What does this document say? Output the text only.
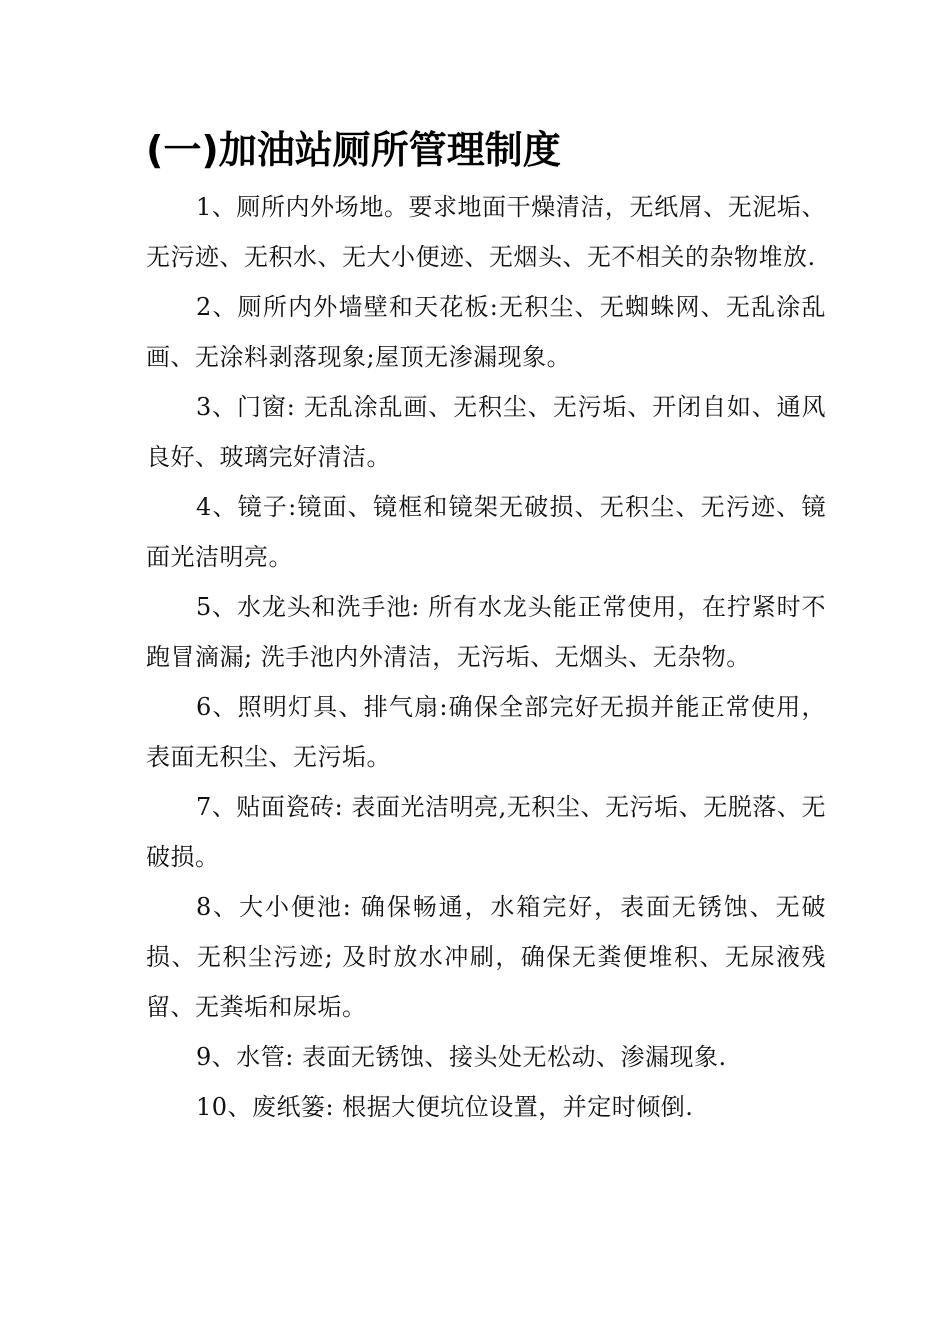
(一)加油站厕所管理制度

1、厕所内外场地。要求地面干燥清洁，无纸屑、无泥垢、无污迹、无积水、无大小便迹、无烟头、无不相关的杂物堆放.

2、厕所内外墙壁和天花板:无积尘、无蜘蛛网、无乱涂乱画、无涂料剥落现象;屋顶无渗漏现象。

3、门窗: 无乱涂乱画、无积尘、无污垢、开闭自如、通风良好、玻璃完好清洁。

4、镜子:镜面、镜框和镜架无破损、无积尘、无污迹、镜面光洁明亮。

5、水龙头和洗手池: 所有水龙头能正常使用，在拧紧时不跑冒滴漏; 洗手池内外清洁，无污垢、无烟头、无杂物。

6、照明灯具、排气扇:确保全部完好无损并能正常使用，表面无积尘、无污垢。

7、贴面瓷砖: 表面光洁明亮,无积尘、无污垢、无脱落、无破损。

8、大小便池: 确保畅通，水箱完好，表面无锈蚀、无破损、无积尘污迹; 及时放水冲刷，确保无粪便堆积、无尿液残留、无粪垢和尿垢。

9、水管: 表面无锈蚀、接头处无松动、渗漏现象.

10、废纸篓: 根据大便坑位设置，并定时倾倒.
